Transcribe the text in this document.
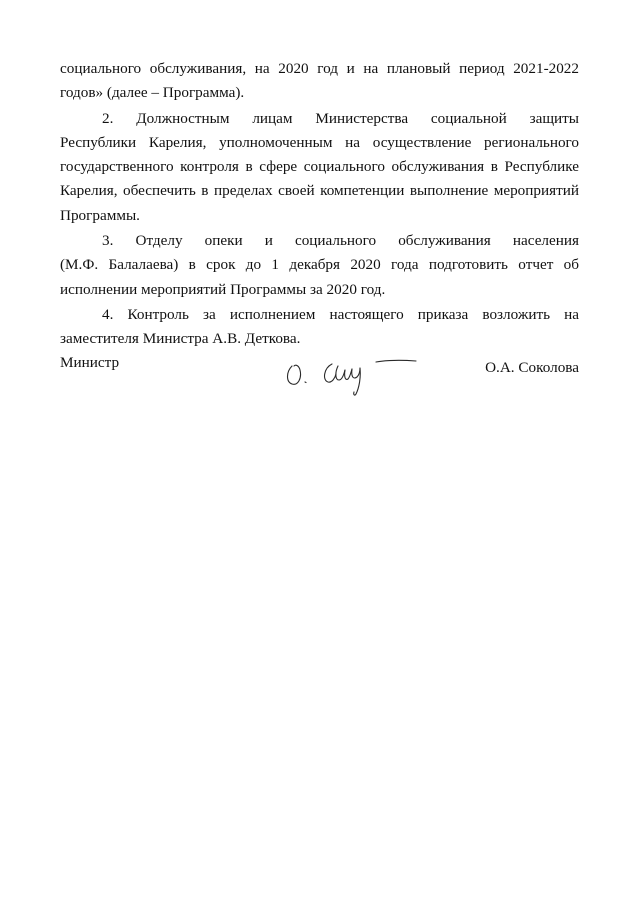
социального обслуживания, на 2020 год и на плановый период 2021-2022
годов» (далее – Программа).
2. Должностным лицам Министерства социальной защиты
Республики Карелия, уполномоченным на осуществление регионального
государственного контроля в сфере социального обслуживания в Республике
Карелия, обеспечить в пределах своей компетенции выполнение мероприятий
Программы.
3. Отделу опеки и социального обслуживания населения
(М.Ф. Балалаева) в срок до 1 декабря 2020 года подготовить отчет об
исполнении мероприятий Программы за 2020 год.
4. Контроль за исполнением настоящего приказа возложить на
заместителя Министра А.В. Деткова.
Министр	О.А. Соколова
